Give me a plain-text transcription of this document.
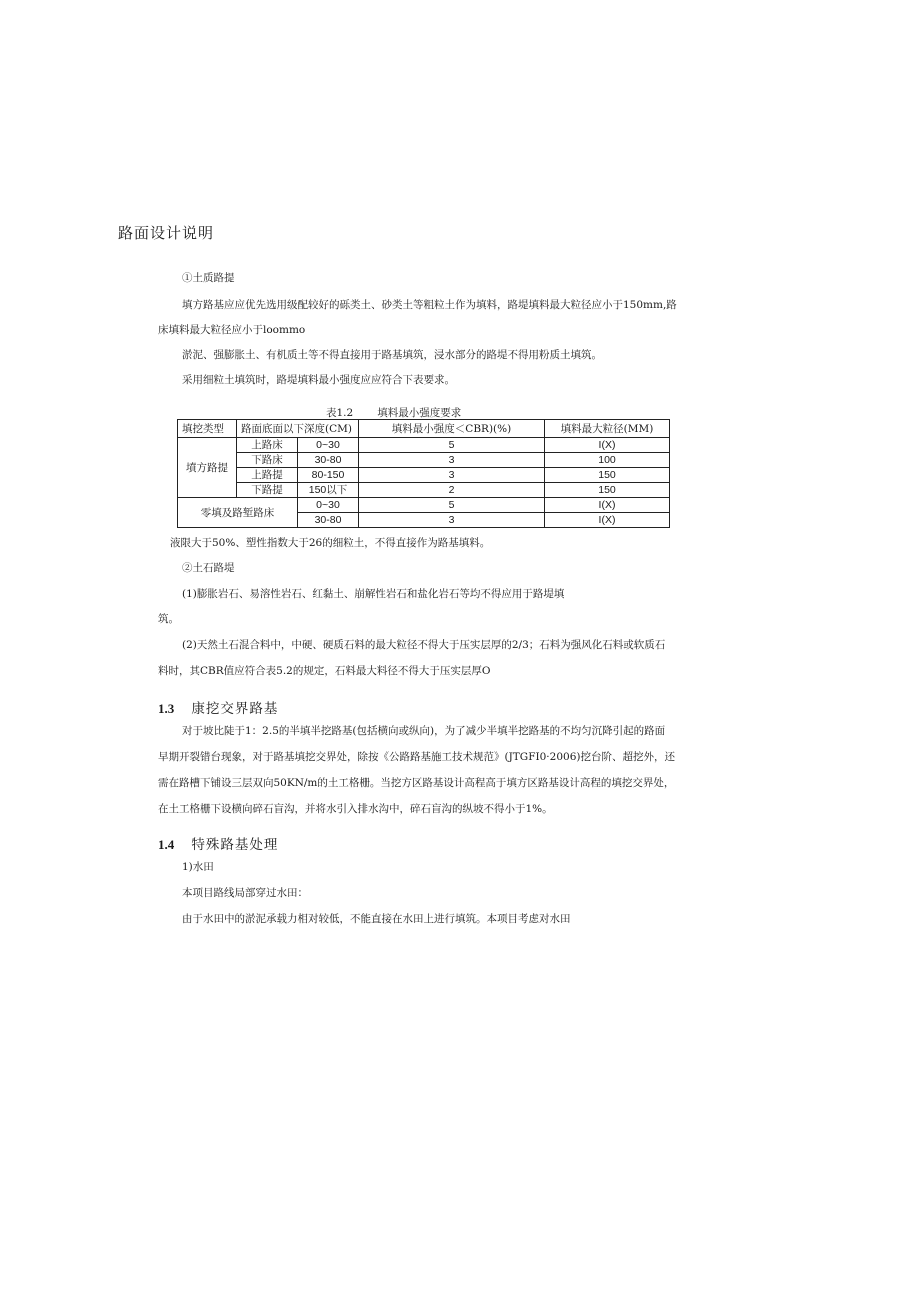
路面设计说明
①土质路提
填方路基应应优先选用级配较好的砾类土、砂类土等粗粒土作为填料，路堤填料最大粒径应小于150mm,路
床填料最大粒径应小于loommo
淤泥、强膨胀土、有机质土等不得直接用于路基填筑，浸水部分的路堤不得用粉质土填筑。
采用细粒土填筑时，路堤填料最小强度应应符合下表要求。
表1.2 填料最小强度要求
填挖类型	路面底面以下深度(CM)		填料最小强度＜CBR)(%)	填料最大粒径(MM)
墳方路提	上路床	0~30	5	I(X)
	下路床	30-80	3	100
	上路提	80-150	3	150
	下路提	150以下	2	150
零填及路堑路床		0~30	5	I(X)
		30-80	3	I(X)
液限大于50%、塑性指数大于26的细粒土，不得直接作为路基填料。
②土石路堤
(1)膨胀岩石、易溶性岩石、红黏土、崩解性岩石和盐化岩石等均不得应用于路堤填
筑。
(2)天然土石混合料中，中硬、硬质石料的最大粒径不得大于压实层厚的2/3；石料为强风化石料或软质石
料时，其CBR值应符合表5.2的规定，石料最大料径不得大于压实层厚O
1.3 康挖交界路基
对于坡比陡于1：2.5的半填半挖路基(包括横向或纵向)，为了减少半填半挖路基的不均匀沉降引起的路面
早期开裂错台现象，对于路基填挖交界处，除按《公路路基施工技术规范》(JTGFI0·2006)挖台阶、超挖外，还
需在路槽下铺设三层双向50KN∕m的土工格栅。当挖方区路基设计高程高于填方区路基设计高程的填挖交界处，
在土工格栅下设横向碎石盲沟，并将水引入排水沟中，碎石盲沟的纵坡不得小于1%。
1.4 特殊路基处理
1)水田
本项目路线局部穿过水田：
由于水田中的淤泥承载力相对较低，不能直接在水田上进行填筑。本项目考虑对水田
